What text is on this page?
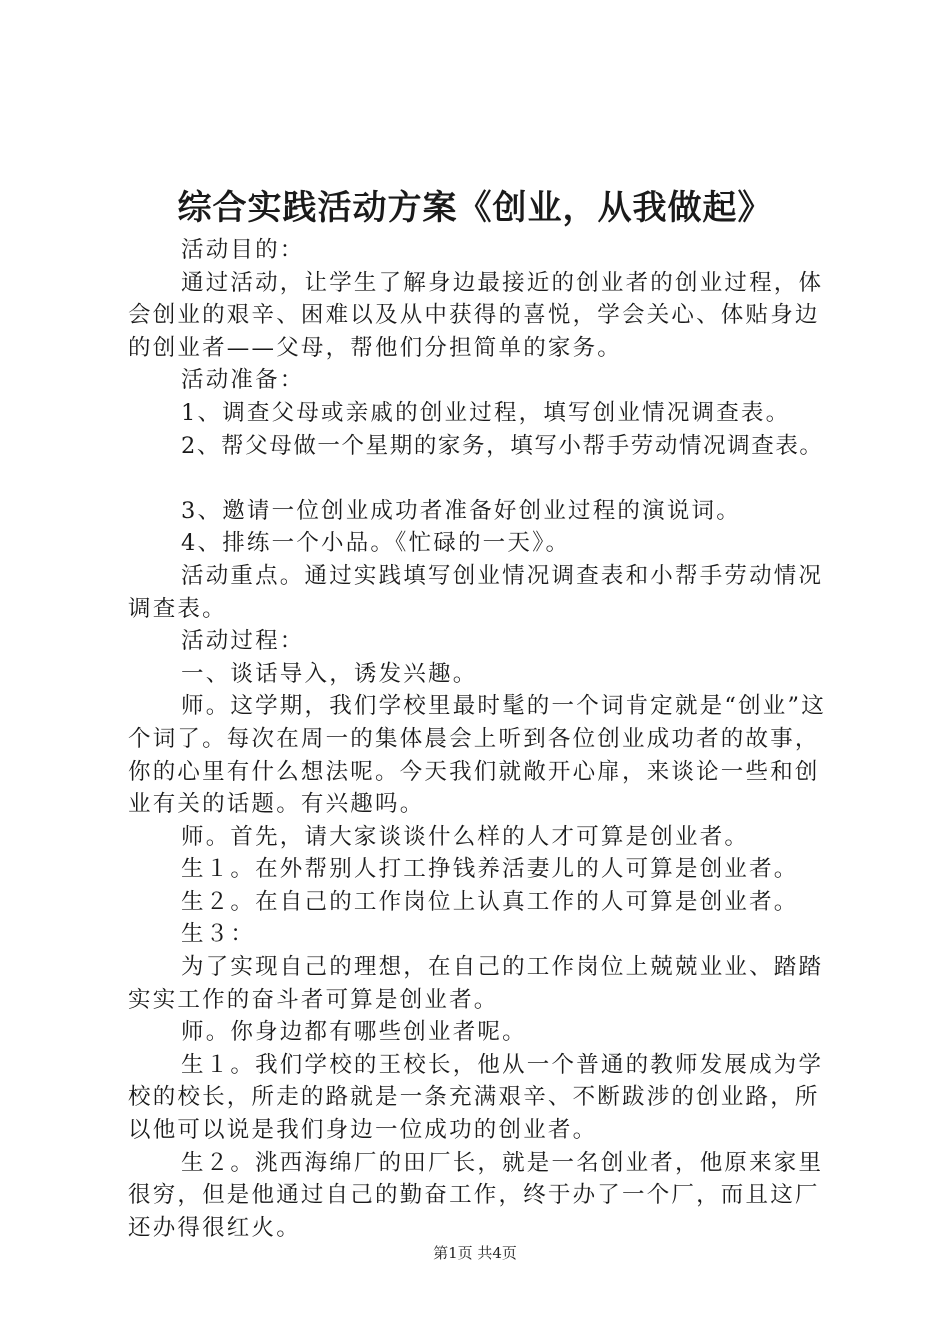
综合实践活动方案《创业，从我做起》

活动目的：

通过活动，让学生了解身边最接近的创业者的创业过程，体会创业的艰辛、困难以及从中获得的喜悦，学会关心、体贴身边的创业者——父母，帮他们分担简单的家务。

活动准备：

1、调查父母或亲戚的创业过程，填写创业情况调查表。

2、帮父母做一个星期的家务，填写小帮手劳动情况调查表。

3、邀请一位创业成功者准备好创业过程的演说词。

4、排练一个小品。《忙碌的一天》。

活动重点。通过实践填写创业情况调查表和小帮手劳动情况调查表。

活动过程：

一、谈话导入，诱发兴趣。

师。这学期，我们学校里最时髦的一个词肯定就是“创业”这个词了。每次在周一的集体晨会上听到各位创业成功者的故事，你的心里有什么想法呢。今天我们就敞开心扉，来谈论一些和创业有关的话题。有兴趣吗。

师。首先，请大家谈谈什么样的人才可算是创业者。

生１。在外帮别人打工挣钱养活妻儿的人可算是创业者。

生２。在自己的工作岗位上认真工作的人可算是创业者。

生３：

为了实现自己的理想，在自己的工作岗位上兢兢业业、踏踏实实工作的奋斗者可算是创业者。

师。你身边都有哪些创业者呢。

生１。我们学校的王校长，他从一个普通的教师发展成为学校的校长，所走的路就是一条充满艰辛、不断跋涉的创业路，所以他可以说是我们身边一位成功的创业者。

生２。洮西海绵厂的田厂长，就是一名创业者，他原来家里很穷，但是他通过自己的勤奋工作，终于办了一个厂，而且这厂还办得很红火。

第1页 共4页
